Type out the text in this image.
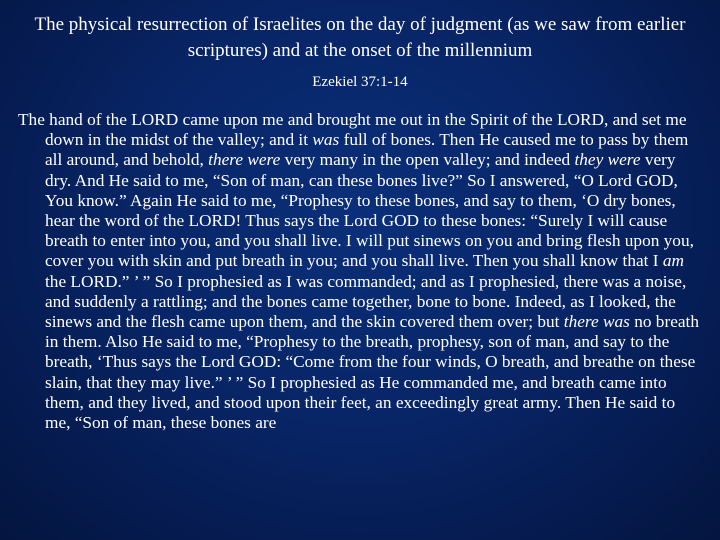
The physical resurrection of Israelites on the day of judgment (as we saw from earlier scriptures) and at the onset of the millennium

Ezekiel 37:1-14

The hand of the LORD came upon me and brought me out in the Spirit of the LORD, and set me down in the midst of the valley; and it was full of bones. Then He caused me to pass by them all around, and behold, there were very many in the open valley; and indeed they were very dry. And He said to me, “Son of man, can these bones live?” So I answered, “O Lord GOD, You know.” Again He said to me, “Prophesy to these bones, and say to them, ‘O dry bones, hear the word of the LORD! Thus says the Lord GOD to these bones: “Surely I will cause breath to enter into you, and you shall live. I will put sinews on you and bring flesh upon you, cover you with skin and put breath in you; and you shall live. Then you shall know that I am the LORD.” ’ ” So I prophesied as I was commanded; and as I prophesied, there was a noise, and suddenly a rattling; and the bones came together, bone to bone. Indeed, as I looked, the sinews and the flesh came upon them, and the skin covered them over; but there was no breath in them. Also He said to me, “Prophesy to the breath, prophesy, son of man, and say to the breath, ‘Thus says the Lord GOD: “Come from the four winds, O breath, and breathe on these slain, that they may live.” ’ ” So I prophesied as He commanded me, and breath came into them, and they lived, and stood upon their feet, an exceedingly great army. Then He said to me, “Son of man, these bones are
